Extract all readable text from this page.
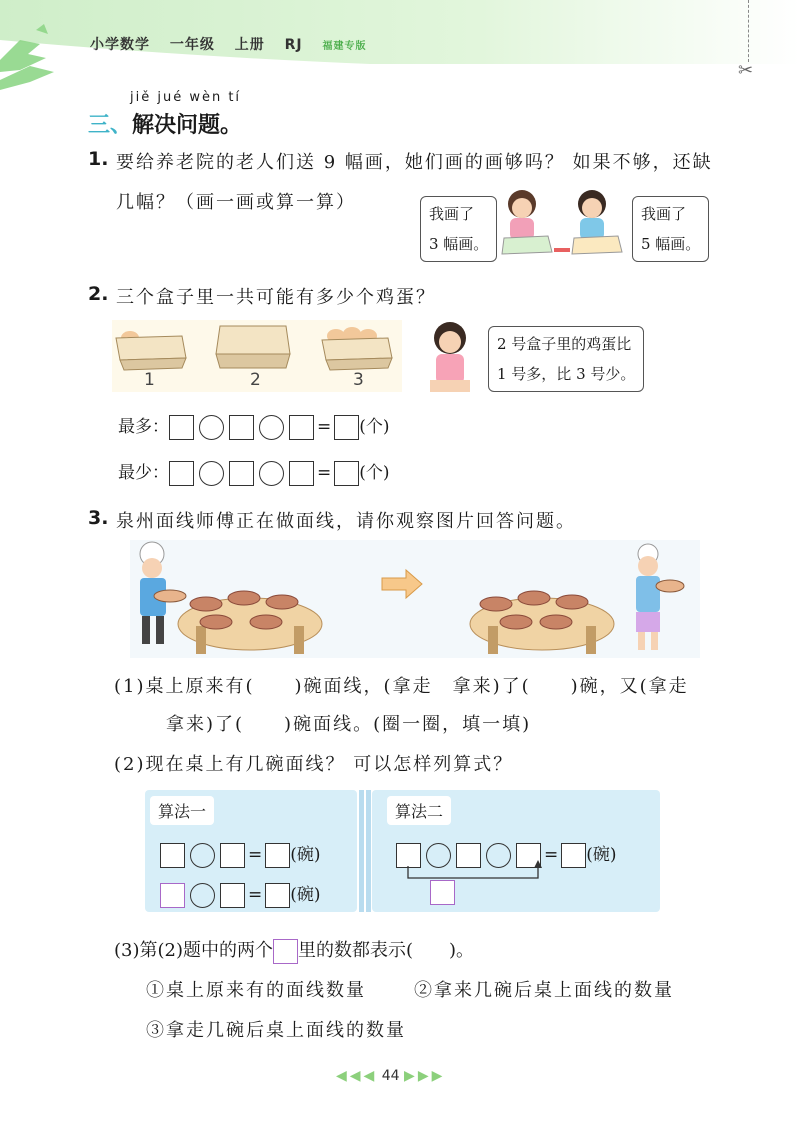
小学数学 一年级 上册 RJ 福建专版
✂
jiě jué wèn tí
三、解决问题。
1. 要给养老院的老人们送 9 幅画，她们画的画够吗？ 如果不够，还缺
几幅？（画一画或算一算）
我画了
3 幅画。
我画了
5 幅画。
2. 三个盒子里一共可能有多少个鸡蛋？
1	2	3
2 号盒子里的鸡蛋比
1 号多，比 3 号少。
最多：	= (个)
最少：	= (个)
3. 泉州面线师傅正在做面线，请你观察图片回答问题。
(1)桌上原来有(　　)碗面线，(拿走　拿来)了(　　)碗，又(拿走
拿来)了(　　)碗面线。(圈一圈，填一填)
(2)现在桌上有几碗面线？ 可以怎样列算式？
算法一	算法二
= (碗)
= (碗)
= (碗)
(3)第(2)题中的两个 里的数都表示(　　)。
①桌上原来有的面线数量	②拿来几碗后桌上面线的数量
③拿走几碗后桌上面线的数量
◀◀◀ 44 ▶▶▶
